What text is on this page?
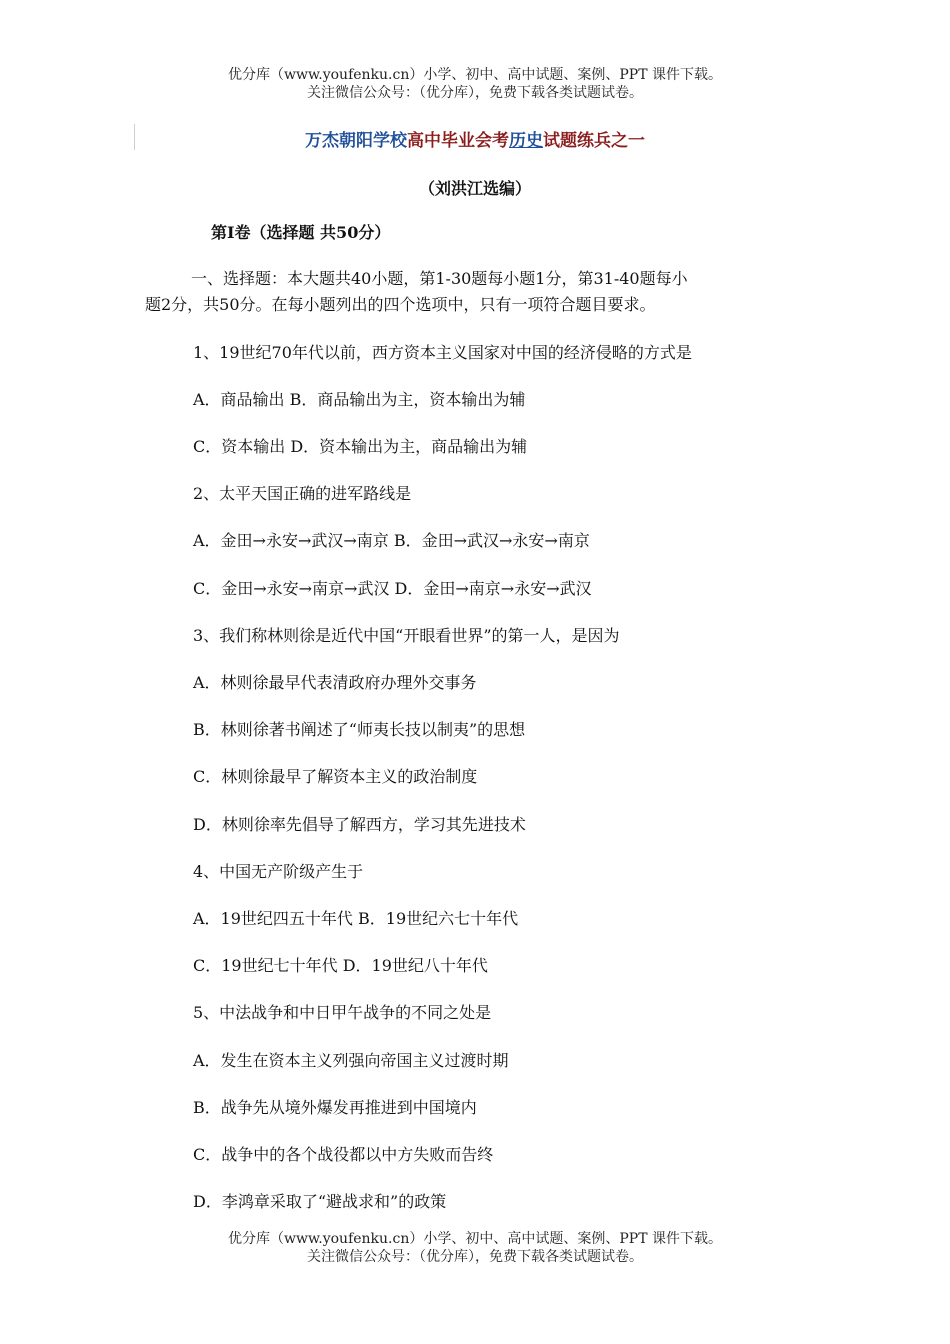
优分库（www.youfenku.cn）小学、初中、高中试题、案例、PPT 课件下载。
关注微信公众号：（优分库），免费下载各类试题试卷。
万杰朝阳学校高中毕业会考历史试题练兵之一
（刘洪江选编）
第Ⅰ卷（选择题 共50分）
一、选择题：本大题共40小题，第1-30题每小题1分，第31-40题每小
题2分，共50分。在每小题列出的四个选项中，只有一项符合题目要求。
1、19世纪70年代以前，西方资本主义国家对中国的经济侵略的方式是
A．商品输出 B．商品输出为主，资本输出为辅
C．资本输出 D．资本输出为主，商品输出为辅
2、太平天国正确的进军路线是
A．金田→永安→武汉→南京 B．金田→武汉→永安→南京
C．金田→永安→南京→武汉 D．金田→南京→永安→武汉
3、我们称林则徐是近代中国“开眼看世界”的第一人，是因为
A．林则徐最早代表清政府办理外交事务
B．林则徐著书阐述了“师夷长技以制夷”的思想
C．林则徐最早了解资本主义的政治制度
D．林则徐率先倡导了解西方，学习其先进技术
4、中国无产阶级产生于
A．19世纪四五十年代 B．19世纪六七十年代
C．19世纪七十年代 D．19世纪八十年代
5、中法战争和中日甲午战争的不同之处是
A．发生在资本主义列强向帝国主义过渡时期
B．战争先从境外爆发再推进到中国境内
C．战争中的各个战役都以中方失败而告终
D．李鸿章采取了“避战求和”的政策
优分库（www.youfenku.cn）小学、初中、高中试题、案例、PPT 课件下载。
关注微信公众号：（优分库），免费下载各类试题试卷。
